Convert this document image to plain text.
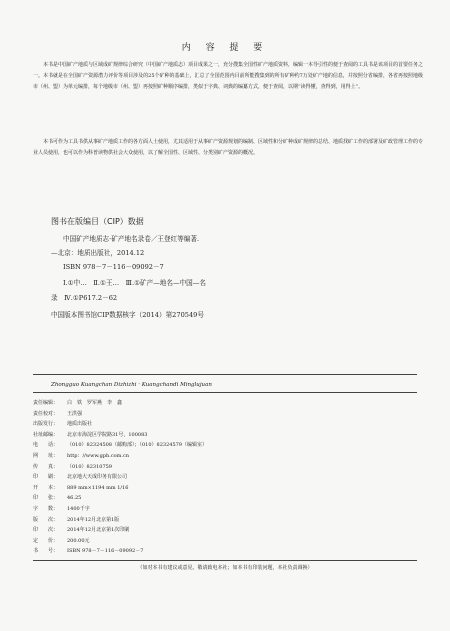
内 容 提 要
本书是中国矿产地质与区域成矿规律综合研究（中国矿产地质志）项目成果之一，充分搜集全国性矿产地质资料，编辑一本导引性的便于查阅的工具书是该项目的首要任务之一。本书就是在全国矿产资源潜力评价等项目涉及的25个矿种的基础上，汇总了全国范围内目前所能搜集到的所有矿种约7万处矿产地的信息，并按照分省编排，各省再按照地级市（州、盟）为单元编排，每个地级市（州、盟）再按照矿种顺序编排，类似于字典、词典的编纂方式，便于查阅，以期“读得懂，查得到，用得上”。
本书可作为工具书供从事矿产地质工作的各方面人士使用，尤其适用于从事矿产资源规划的编制、区域性和分矿种成矿规律的总结、地质找矿工作的部署及矿政管理工作的专业人员使用，也可以作为科普读物供社会大众使用，以了解全国性、区域性、分类别矿产资源的概况。
图书在版编目（CIP）数据
中国矿产地质志·矿产地名录卷／王登红等编著.
—北京：地质出版社，2014.12
ISBN 978－7－116－09092－7
Ⅰ.①中…　Ⅱ.①王…　Ⅲ.①矿产—地名—中国—名
录　Ⅳ.①P617.2－62
中国版本图书馆CIP数据核字（2014）第270549号
Zhongguo Kuangchan Dizhizhi · Kuangchandi Minglujuan
责任编辑： 白　铁　罗军燕　李　鑫
责任校对： 王洪强
出版发行： 地质出版社
社址邮编： 北京市海淀区学院路31号，100083
电　　话： （010）82324508（邮购部）；（010）82324579（编辑室）
网　　址： http：//www.gph.com.cn
传　　真： （010）82310759
印　　刷： 北京地大天成印务有限公司
开　　本： 889 mm×1194 mm 1/16
印　　张： 46.25
字　　数： 1400千字
版　　次： 2014年12月北京第1版
印　　次： 2014年12月北京第1次印刷
定　　价： 200.00元
书　　号： ISBN 978－7－116－09092－7
（如对本书有建议或意见，敬请致电本社；如本书有印装问题，本社负责调换）
